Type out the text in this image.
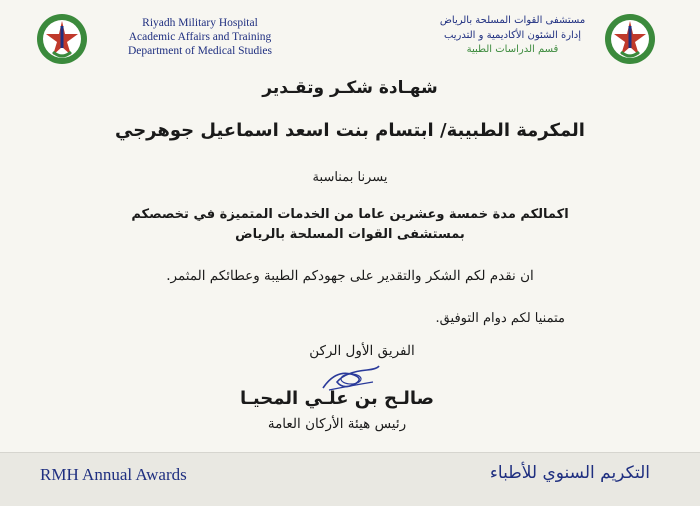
Riyadh Military Hospital
Academic Affairs and Training
Department of Medical Studies
مستشفى القوات المسلحة بالرياض
إدارة الشئون الأكاديمية و التدريب
قسم الدراسات الطبية
شهـادة شكـر وتقـدير
المكرمة الطبيبة/ ابتسام بنت اسعد اسماعيل جوهرجي
يسرنا بمناسبة
اكمالكم مدة خمسة وعشرين عاما من الخدمات المتميزة في تخصصكم
بمستشفى القوات المسلحة بالرياض
ان نقدم لكم الشكر والتقدير على جهودكم الطيبة وعطائكم المثمر.
متمنيا لكم دوام التوفيق.
الفريق الأول الركن
صالـح بن علـي المحيـا
رئيس هيئة الأركان العامة
RMH Annual Awards	التكريم السنوي للأطباء
